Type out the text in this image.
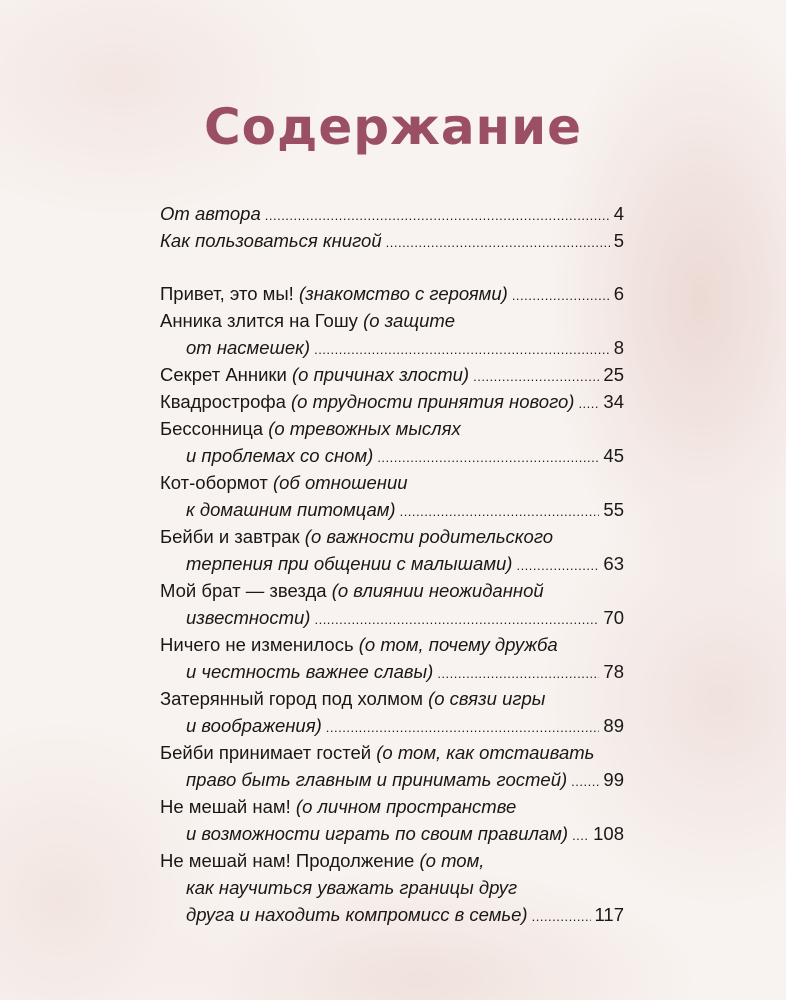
Содержание
От автора .....	4
Как пользоваться книгой .....	5
Привет, это мы! (знакомство с героями) .....	6
Анника злится на Гошу (о защите
от насмешек) .....	8
Секрет Анники (о причинах злости) .....	25
Квадрострофа (о трудности принятия нового) ..... 34
Бессонница (о тревожных мыслях
и проблемах со сном) .....	45
Кот-обормот (об отношении
к домашним питомцам) .....	55
Бейби и завтрак (о важности родительского
терпения при общении с малышами) .....	63
Мой брат — звезда (о влиянии неожиданной
известности) .....	70
Ничего не изменилось (о том, почему дружба
и честность важнее славы) .....	78
Затерянный город под холмом (о связи игры
и воображения) .....	89
Бейби принимает гостей (о том, как отстаивать
право быть главным и принимать гостей) ..... 99
Не мешай нам! (о личном пространстве
и возможности играть по своим правилам) ..... 108
Не мешай нам! Продолжение (о том,
как научиться уважать границы друг
друга и находить компромисс в семье) .....	117
